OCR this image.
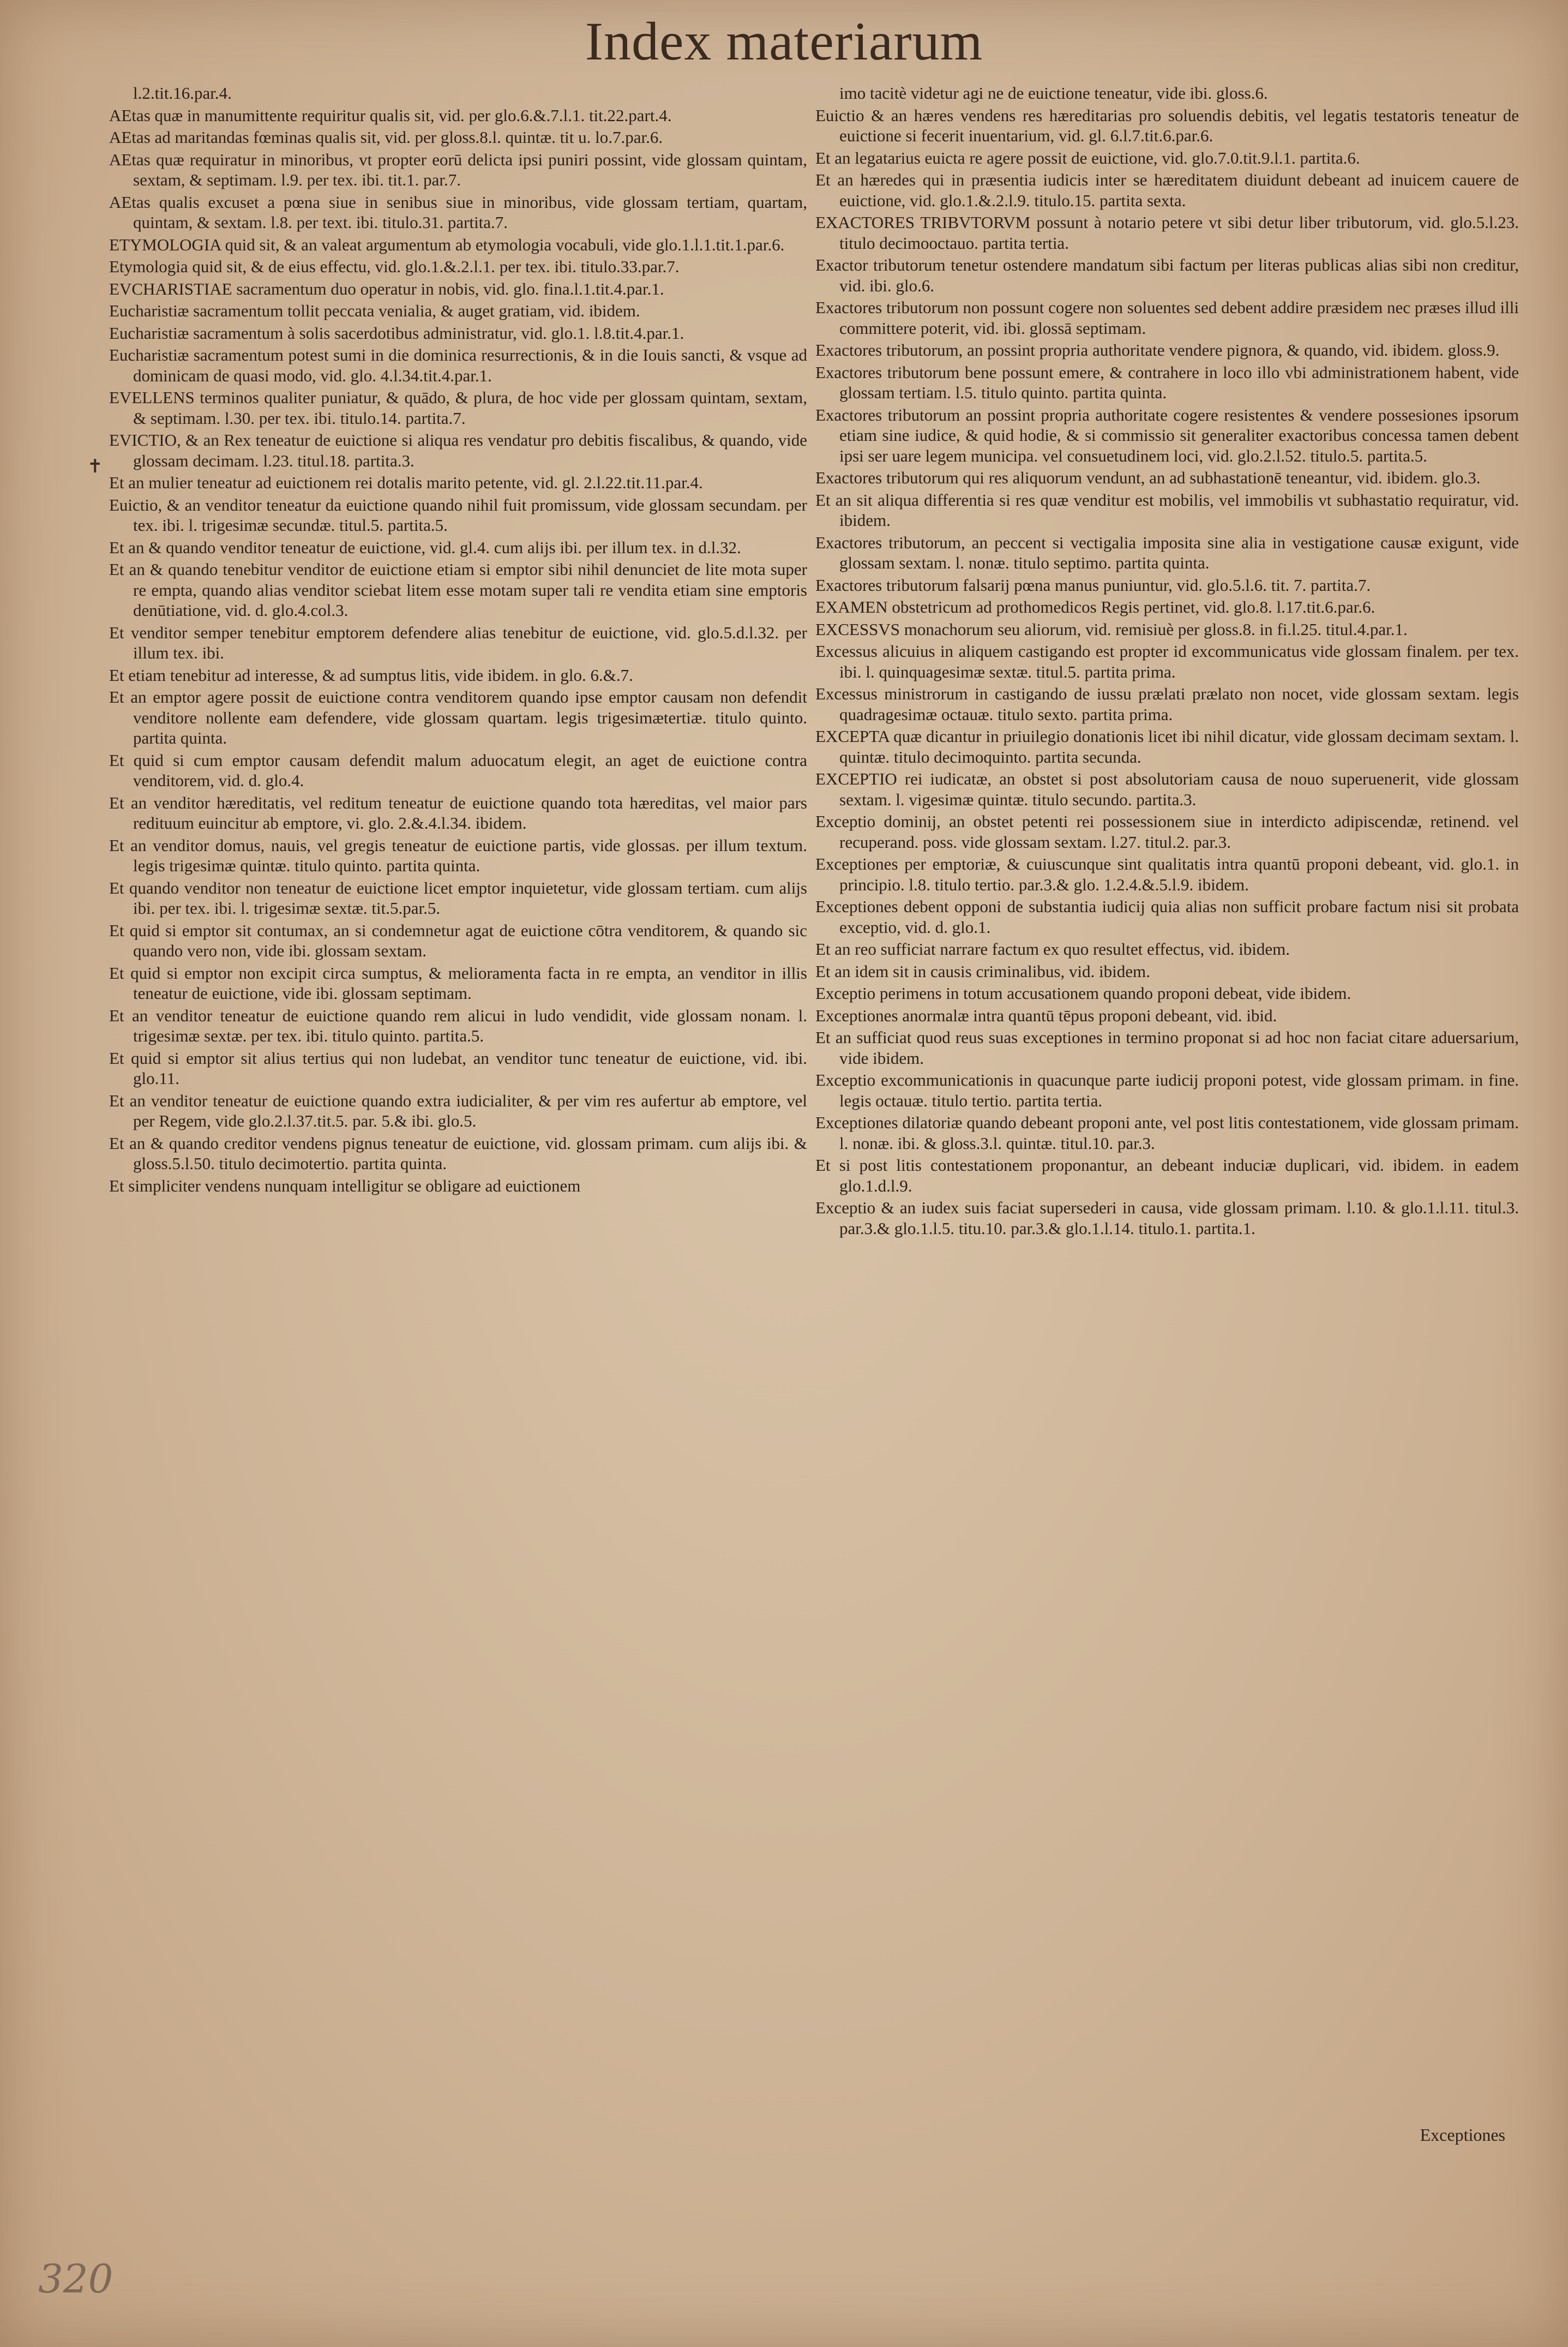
Index materiarum

l.2.tit.16.par.4.

AEtas quæ in manumittente requiritur qualis sit, vid. per glo.6.&.7.l.1. tit.22.part.4.

AEtas ad maritandas fœminas qualis sit, vid. per gloss.8.l. quintæ. tit u. lo.7.par.6.

AEtas quæ requiratur in minoribus, vt propter eorū delicta ipsi puniri possint, vide glossam quintam, sextam, & septimam. l.9. per tex. ibi. tit.1. par.7.

AEtas qualis excuset a pœna siue in senibus siue in minoribus, vide glossam tertiam, quartam, quintam, & sextam. l.8. per text. ibi. titulo.31. partita.7.

ETYMOLOGIA quid sit, & an valeat argumentum ab etymologia vocabuli, vide glo.1.l.1.tit.1.par.6.

Etymologia quid sit, & de eius effectu, vid. glo.1.&.2.l.1. per tex. ibi. titulo.33.par.7.

EVCHARISTIAE sacramentum duo operatur in nobis, vid. glo. fina.l.1.tit.4.par.1.

Eucharistiæ sacramentum tollit peccata venialia, & auget gratiam, vid. ibidem.

Eucharistiæ sacramentum à solis sacerdotibus administratur, vid. glo.1. l.8.tit.4.par.1.

Eucharistiæ sacramentum potest sumi in die dominica resurrectionis, & in die Iouis sancti, & vsque ad dominicam de quasi modo, vid. glo. 4.l.34.tit.4.par.1.

EVELLENS terminos qualiter puniatur, & quādo, & plura, de hoc vide per glossam quintam, sextam, & septimam. l.30. per tex. ibi. titulo.14. partita.7.

EVICTIO, & an Rex teneatur de euictione si aliqua res vendatur pro debitis fiscalibus, & quando, vide glossam decimam. l.23. titul.18. partita.3.

Et an mulier teneatur ad euictionem rei dotalis marito petente, vid. gl. 2.l.22.tit.11.par.4.

Euictio, & an venditor teneatur da euictione quando nihil fuit promissum, vide glossam secundam. per tex. ibi. l. trigesimæ secundæ. titul.5. partita.5.

Et an & quando venditor teneatur de euictione, vid. gl.4. cum alijs ibi. per illum tex. in d.l.32.

Et an & quando tenebitur venditor de euictione etiam si emptor sibi nihil denunciet de lite mota super re empta, quando alias venditor sciebat litem esse motam super tali re vendita etiam sine emptoris denūtiatione, vid. d. glo.4.col.3.

Et venditor semper tenebitur emptorem defendere alias tenebitur de euictione, vid. glo.5.d.l.32. per illum tex. ibi.

Et etiam tenebitur ad interesse, & ad sumptus litis, vide ibidem. in glo. 6.&.7.

Et an emptor agere possit de euictione contra venditorem quando ipse emptor causam non defendit venditore nollente eam defendere, vide glossam quartam. legis trigesimætertiæ. titulo quinto. partita quinta.

Et quid si cum emptor causam defendit malum aduocatum elegit, an aget de euictione contra venditorem, vid. d. glo.4.

Et an venditor hæreditatis, vel reditum teneatur de euictione quando tota hæreditas, vel maior pars redituum euincitur ab emptore, vi. glo. 2.&.4.l.34. ibidem.

Et an venditor domus, nauis, vel gregis teneatur de euictione partis, vide glossas. per illum textum. legis trigesimæ quintæ. titulo quinto. partita quinta.

Et quando venditor non teneatur de euictione licet emptor inquietetur, vide glossam tertiam. cum alijs ibi. per tex. ibi. l. trigesimæ sextæ. tit.5.par.5.

Et quid si emptor sit contumax, an si condemnetur agat de euictione cōtra venditorem, & quando sic quando vero non, vide ibi. glossam sextam.

Et quid si emptor non excipit circa sumptus, & melioramenta facta in re empta, an venditor in illis teneatur de euictione, vide ibi. glossam septimam.

Et an venditor teneatur de euictione quando rem alicui in ludo vendidit, vide glossam nonam. l. trigesimæ sextæ. per tex. ibi. titulo quinto. partita.5.

Et quid si emptor sit alius tertius qui non ludebat, an venditor tunc teneatur de euictione, vid. ibi. glo.11.

Et an venditor teneatur de euictione quando extra iudicialiter, & per vim res aufertur ab emptore, vel per Regem, vide glo.2.l.37.tit.5. par. 5.& ibi. glo.5.

Et an & quando creditor vendens pignus teneatur de euictione, vid. glossam primam. cum alijs ibi. & gloss.5.l.50. titulo decimotertio. partita quinta.

Et simpliciter vendens nunquam intelligitur se obligare ad euictionem

✝

imo tacitè videtur agi ne de euictione teneatur, vide ibi. gloss.6.

Euictio & an hæres vendens res hæreditarias pro soluendis debitis, vel legatis testatoris teneatur de euictione si fecerit inuentarium, vid. gl. 6.l.7.tit.6.par.6.

Et an legatarius euicta re agere possit de euictione, vid. glo.7.0.tit.9.l.1. partita.6.

Et an hæredes qui in præsentia iudicis inter se hæreditatem diuidunt debeant ad inuicem cauere de euictione, vid. glo.1.&.2.l.9. titulo.15. partita sexta.

EXACTORES TRIBVTORVM possunt à notario petere vt sibi detur liber tributorum, vid. glo.5.l.23. titulo decimooctauo. partita tertia.

Exactor tributorum tenetur ostendere mandatum sibi factum per literas publicas alias sibi non creditur, vid. ibi. glo.6.

Exactores tributorum non possunt cogere non soluentes sed debent addire præsidem nec præses illud illi committere poterit, vid. ibi. glossā septimam.

Exactores tributorum, an possint propria authoritate vendere pignora, & quando, vid. ibidem. gloss.9.

Exactores tributorum bene possunt emere, & contrahere in loco illo vbi administrationem habent, vide glossam tertiam. l.5. titulo quinto. partita quinta.

Exactores tributorum an possint propria authoritate cogere resistentes & vendere possesiones ipsorum etiam sine iudice, & quid hodie, & si commissio sit generaliter exactoribus concessa tamen debent ipsi ser uare legem municipa. vel consuetudinem loci, vid. glo.2.l.52. titulo.5. partita.5.

Exactores tributorum qui res aliquorum vendunt, an ad subhastationē teneantur, vid. ibidem. glo.3.

Et an sit aliqua differentia si res quæ venditur est mobilis, vel immobilis vt subhastatio requiratur, vid. ibidem.

Exactores tributorum, an peccent si vectigalia imposita sine alia in vestigatione causæ exigunt, vide glossam sextam. l. nonæ. titulo septimo. partita quinta.

Exactores tributorum falsarij pœna manus puniuntur, vid. glo.5.l.6. tit. 7. partita.7.

EXAMEN obstetricum ad prothomedicos Regis pertinet, vid. glo.8. l.17.tit.6.par.6.

EXCESSVS monachorum seu aliorum, vid. remisiuè per gloss.8. in fi.l.25. titul.4.par.1.

Excessus alicuius in aliquem castigando est propter id excommunicatus vide glossam finalem. per tex. ibi. l. quinquagesimæ sextæ. titul.5. partita prima.

Excessus ministrorum in castigando de iussu prælati prælato non nocet, vide glossam sextam. legis quadragesimæ octauæ. titulo sexto. partita prima.

EXCEPTA quæ dicantur in priuilegio donationis licet ibi nihil dicatur, vide glossam decimam sextam. l. quintæ. titulo decimoquinto. partita secunda.

EXCEPTIO rei iudicatæ, an obstet si post absolutoriam causa de nouo superuenerit, vide glossam sextam. l. vigesimæ quintæ. titulo secundo. partita.3.

Exceptio dominij, an obstet petenti rei possessionem siue in interdicto adipiscendæ, retinend. vel recuperand. poss. vide glossam sextam. l.27. titul.2. par.3.

Exceptiones per emptoriæ, & cuiuscunque sint qualitatis intra quantū proponi debeant, vid. glo.1. in principio. l.8. titulo tertio. par.3.& glo. 1.2.4.&.5.l.9. ibidem.

Exceptiones debent opponi de substantia iudicij quia alias non sufficit probare factum nisi sit probata exceptio, vid. d. glo.1.

Et an reo sufficiat narrare factum ex quo resultet effectus, vid. ibidem.

Et an idem sit in causis criminalibus, vid. ibidem.

Exceptio perimens in totum accusationem quando proponi debeat, vide ibidem.

Exceptiones anormalæ intra quantū tēpus proponi debeant, vid. ibid.

Et an sufficiat quod reus suas exceptiones in termino proponat si ad hoc non faciat citare aduersarium, vide ibidem.

Exceptio excommunicationis in quacunque parte iudicij proponi potest, vide glossam primam. in fine. legis octauæ. titulo tertio. partita tertia.

Exceptiones dilatoriæ quando debeant proponi ante, vel post litis contestationem, vide glossam primam. l. nonæ. ibi. & gloss.3.l. quintæ. titul.10. par.3.

Et si post litis contestationem proponantur, an debeant induciæ duplicari, vid. ibidem. in eadem glo.1.d.l.9.

Exceptio & an iudex suis faciat supersederi in causa, vide glossam primam. l.10. & glo.1.l.11. titul.3. par.3.& glo.1.l.5. titu.10. par.3.& glo.1.l.14. titulo.1. partita.1.

Exceptiones
320
